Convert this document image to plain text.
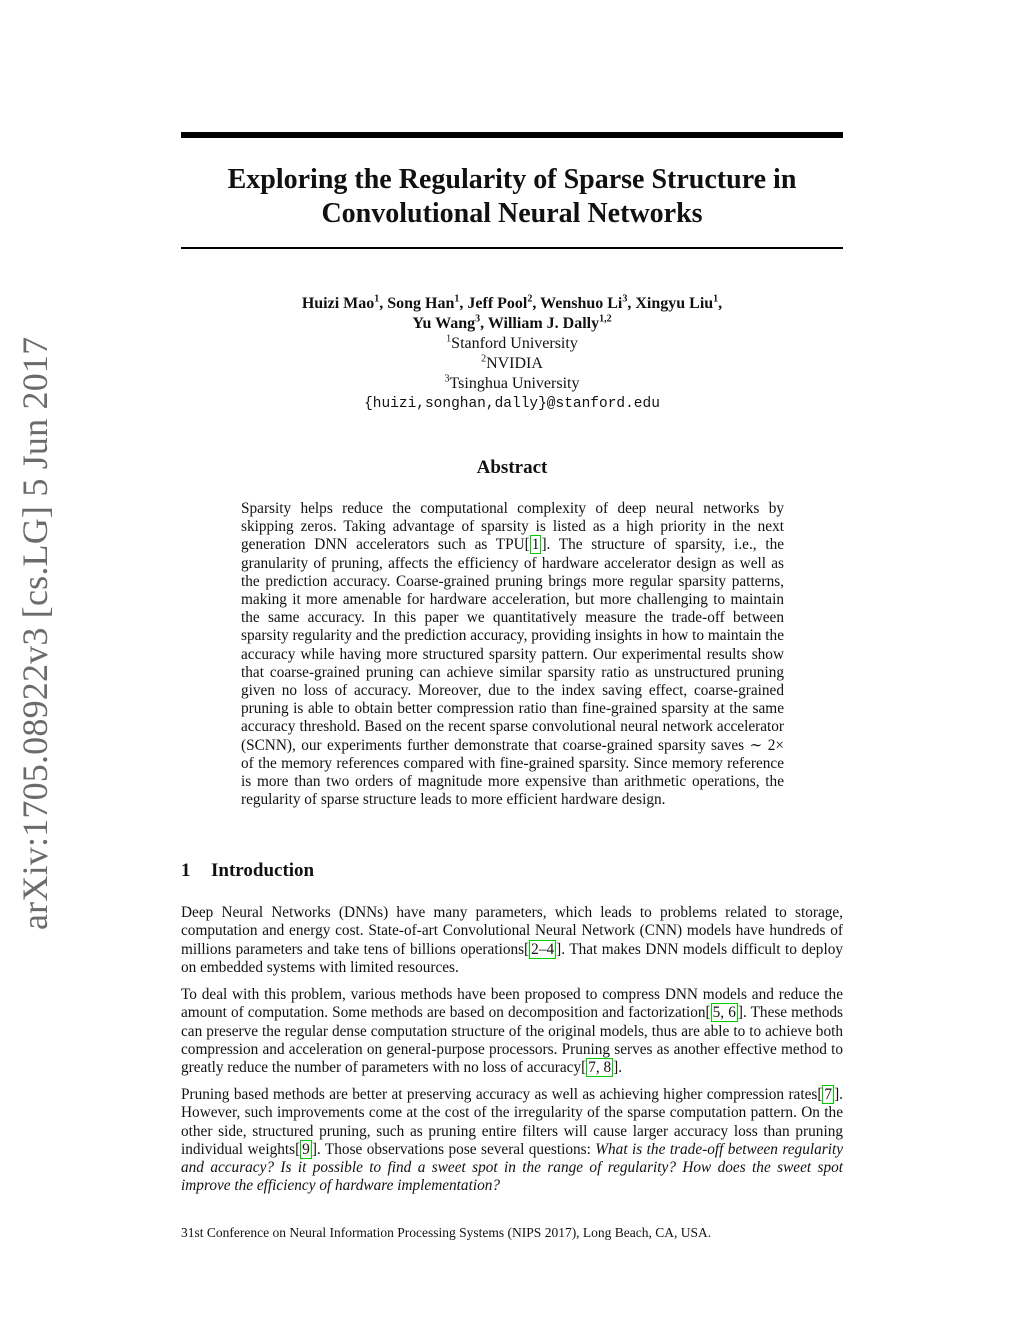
arXiv:1705.08922v3 [cs.LG] 5 Jun 2017
Exploring the Regularity of Sparse Structure in
Convolutional Neural Networks
Huizi Mao$^1$, Song Han$^1$, Jeff Pool$^2$, Wenshuo Li$^3$, Xingyu Liu$^1$,
Yu Wang$^3$, William J. Dally$^{1,2}$
$^1$Stanford University
$^2$NVIDIA
$^3$Tsinghua University
{huizi,songhan,dally}@stanford.edu
Abstract

Sparsity helps reduce the computational complexity of deep neural networks by skipping zeros. Taking advantage of sparsity is listed as a high priority in the next generation DNN accelerators such as TPU[ 1 ]. The structure of sparsity, i.e., the granularity of pruning, affects the efficiency of hardware accelerator design as well as the prediction accuracy. Coarse-grained pruning brings more regular sparsity patterns, making it more amenable for hardware acceleration, but more challenging to maintain the same accuracy. In this paper we quantitatively measure the trade-off between sparsity regularity and the prediction accuracy, providing insights in how to maintain the accuracy while having more structured sparsity pattern. Our experimental results show that coarse-grained pruning can achieve similar sparsity ratio as unstructured pruning given no loss of accuracy. Moreover, due to the index saving effect, coarse-grained pruning is able to obtain better compression ratio than fine-grained sparsity at the same accuracy threshold. Based on the recent sparse convolutional neural network accelerator (SCNN), our experiments further demonstrate that coarse-grained sparsity saves ∼ 2× of the memory references compared with fine-grained sparsity. Since memory reference is more than two orders of magnitude more expensive than arithmetic operations, the regularity of sparse structure leads to more efficient hardware design.

1 Introduction

Deep Neural Networks (DNNs) have many parameters, which leads to problems related to storage, computation and energy cost. State-of-art Convolutional Neural Network (CNN) models have hundreds of millions parameters and take tens of billions operations[ 2–4 ]. That makes DNN models difficult to deploy on embedded systems with limited resources.

To deal with this problem, various methods have been proposed to compress DNN models and reduce the amount of computation. Some methods are based on decomposition and factorization[ 5, 6 ]. These methods can preserve the regular dense computation structure of the original models, thus are able to to achieve both compression and acceleration on general-purpose processors. Pruning serves as another effective method to greatly reduce the number of parameters with no loss of accuracy[ 7, 8 ].

Pruning based methods are better at preserving accuracy as well as achieving higher compression rates[ 7 ]. However, such improvements come at the cost of the irregularity of the sparse computation pattern. On the other side, structured pruning, such as pruning entire filters will cause larger accuracy loss than pruning individual weights[ 9 ]. Those observations pose several questions: What is the trade-off between regularity and accuracy? Is it possible to find a sweet spot in the range of regularity? How does the sweet spot improve the efficiency of hardware implementation?

31st Conference on Neural Information Processing Systems (NIPS 2017), Long Beach, CA, USA.
